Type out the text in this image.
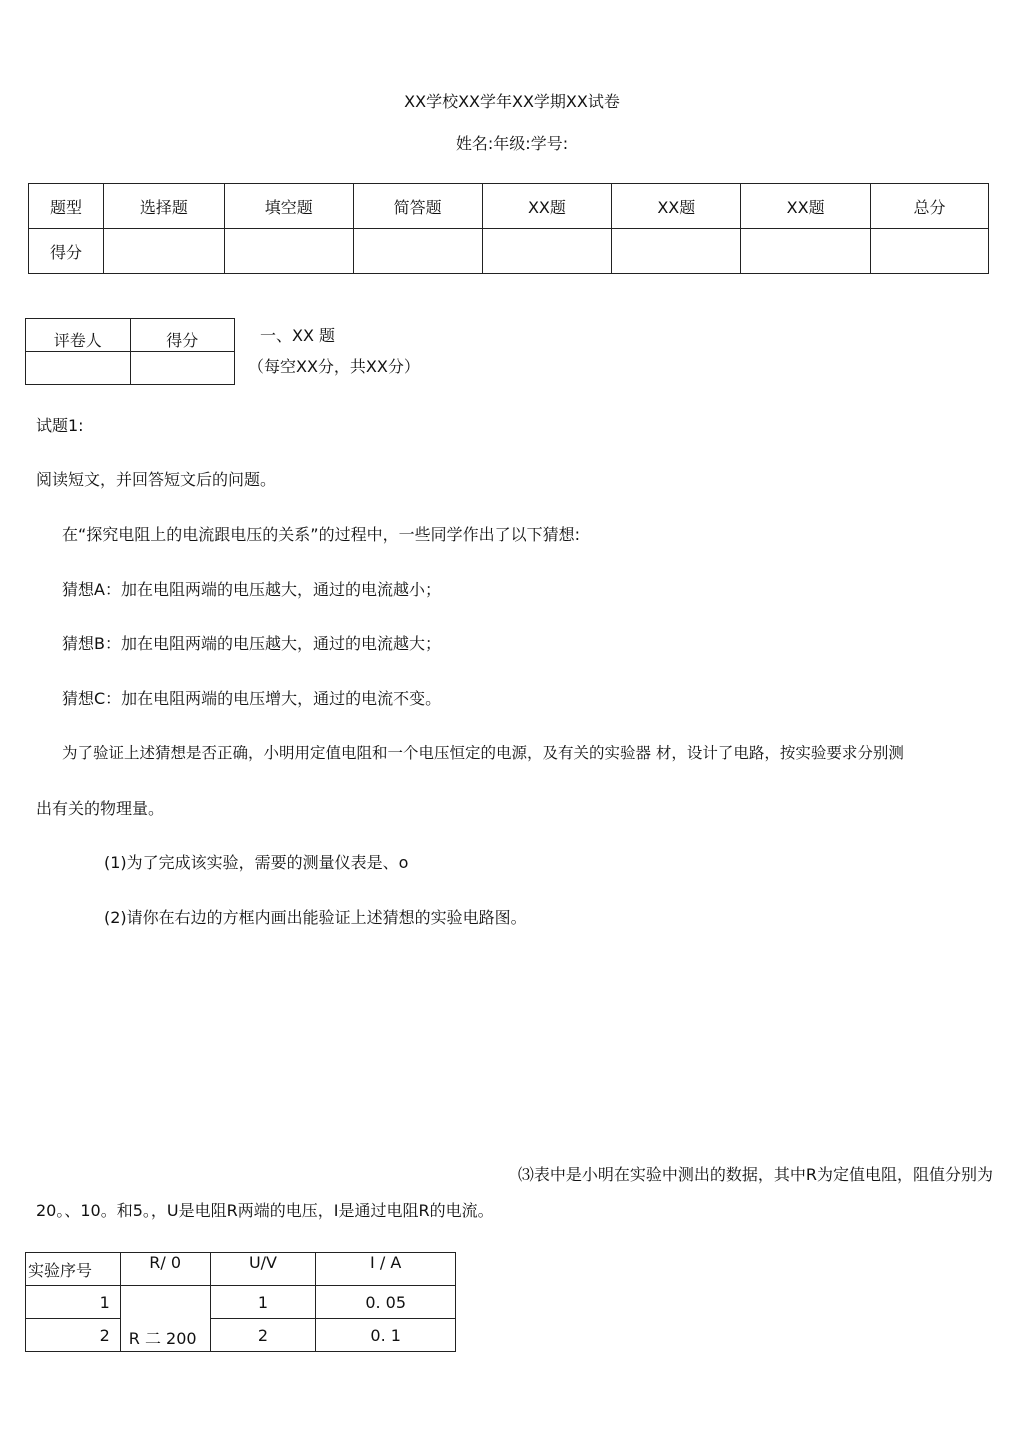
XX学校XX学年XX学期XX试卷
姓名:年级:学号:
题型	选择题	填空题	简答题	XX题	XX题	XX题	总分
得分							
评卷人	得分
		一、XX 题
（每空XX分，共XX分）
试题1:
阅读短文，并回答短文后的问题。
在“探究电阻上的电流跟电压的关系”的过程中，一些同学作出了以下猜想:
猜想A：加在电阻两端的电压越大，通过的电流越小；
猜想B：加在电阻两端的电压越大，通过的电流越大；
猜想C：加在电阻两端的电压增大，通过的电流不变。
为了验证上述猜想是否正确，小明用定值电阻和一个电压恒定的电源，及有关的实验器 材，设计了电路，按实验要求分别测
出有关的物理量。
(1)为了完成该实验，需要的测量仪表是、o
(2)请你在右边的方框内画出能验证上述猜想的实验电路图。
⑶表中是小明在实验中测出的数据，其中R为定值电阻，阻值分别为
20。、10。和5。，U是电阻R两端的电压，I是通过电阻R的电流。
实验序号	R/ 0	U/V	I / A
1	R 二 200	1	0. 05
2		2	0. 1
